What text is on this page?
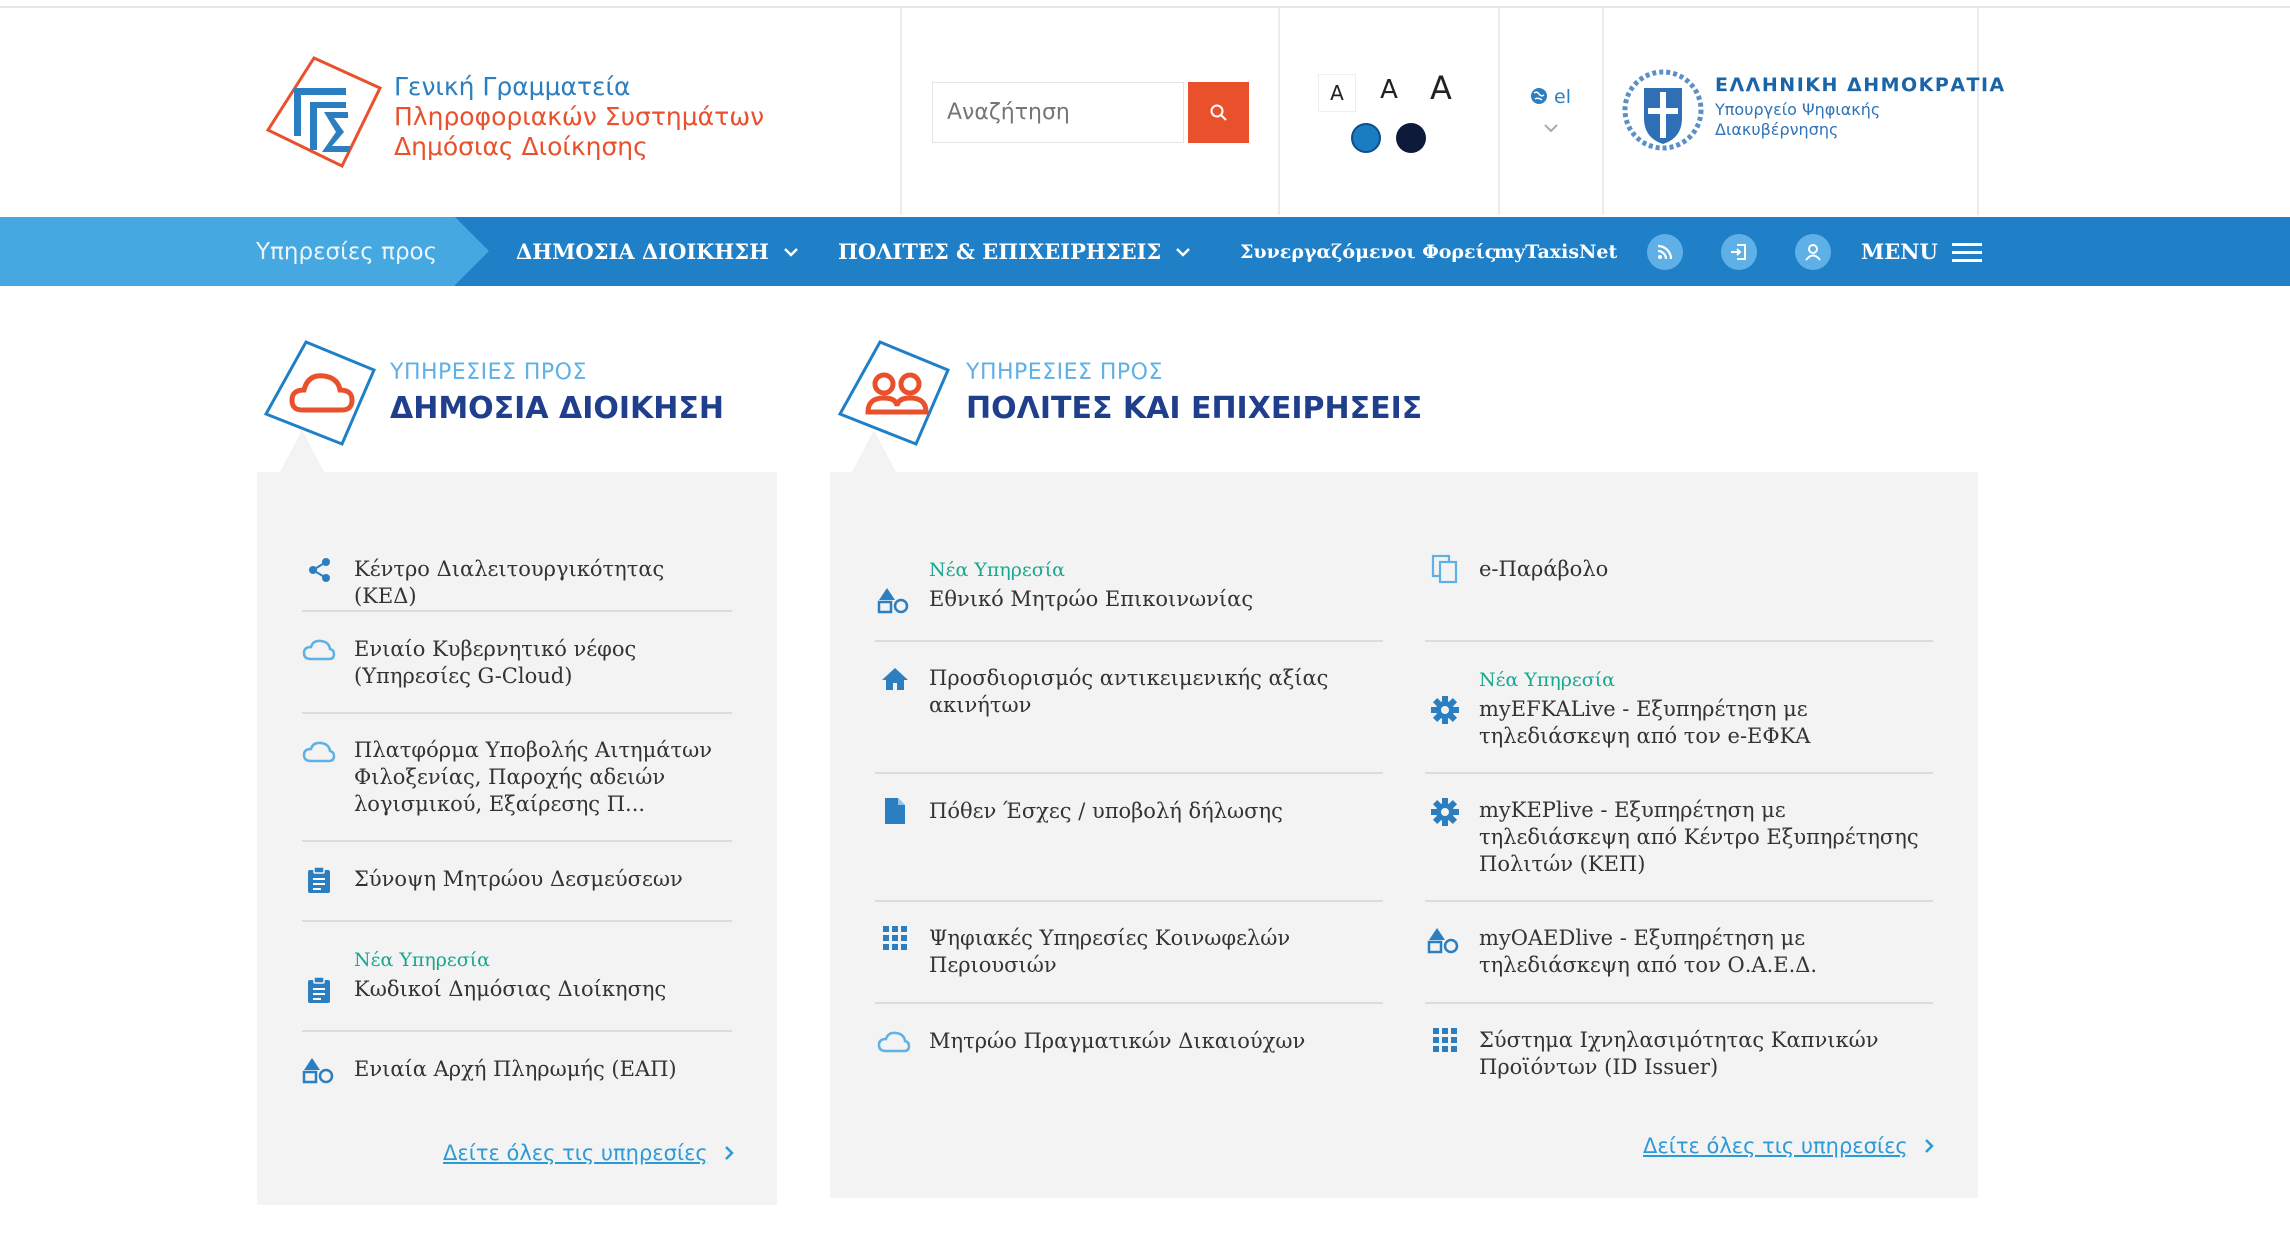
Γενική Γραμματεία
Πληροφοριακών Συστημάτων
Δημόσιας Διοίκησης
Αναζήτηση
A	A	A	el
ΕΛΛΗΝΙΚΗ ΔΗΜΟΚΡΑΤΙΑ
Υπουργείο Ψηφιακής
Διακυβέρνησης
Υπηρεσίες προς	ΔΗΜΟΣΙΑ ΔΙΟΙΚΗΣΗ	ΠΟΛΙΤΕΣ & ΕΠΙΧΕΙΡΗΣΕΙΣ	Συνεργαζόμενοι Φορείς
myTaxisNet	MENU
ΥΠΗΡΕΣΙΕΣ ΠΡΟΣ
ΔΗΜΟΣΙΑ ΔΙΟΙΚΗΣΗ
Κέντρο Διαλειτουργικότητας (ΚΕΔ)
Ενιαίο Κυβερνητικό νέφος
(Υπηρεσίες G-Cloud)
Πλατφόρμα Υποβολής Αιτημάτων
Φιλοξενίας, Παροχής αδειών
λογισμικού, Εξαίρεσης Π...
Σύνοψη Μητρώου Δεσμεύσεων
Νέα Υπηρεσία
Κωδικοί Δημόσιας Διοίκησης
Ενιαία Αρχή Πληρωμής (ΕΑΠ)
Δείτε όλες τις υπηρεσίες
ΥΠΗΡΕΣΙΕΣ ΠΡΟΣ
ΠΟΛΙΤΕΣ ΚΑΙ ΕΠΙΧΕΙΡΗΣΕΙΣ
Νέα Υπηρεσία
Εθνικό Μητρώο Επικοινωνίας
Προσδιορισμός αντικειμενικής αξίας
ακινήτων
Πόθεν Έσχες / υποβολή δήλωσης
Ψηφιακές Υπηρεσίες Κοινωφελών
Περιουσιών
Μητρώο Πραγματικών Δικαιούχων
e-Παράβολο
Νέα Υπηρεσία
myEFKALive - Εξυπηρέτηση με
τηλεδιάσκεψη από τον e-ΕΦΚΑ
myKEPlive - Εξυπηρέτηση με
τηλεδιάσκεψη από Κέντρο Εξυπηρέτησης
Πολιτών (ΚΕΠ)
myOAEDlive - Εξυπηρέτηση με
τηλεδιάσκεψη από τον Ο.Α.Ε.Δ.
Σύστημα Ιχνηλασιμότητας Καπνικών
Προϊόντων (ID Issuer)
Δείτε όλες τις υπηρεσίες
